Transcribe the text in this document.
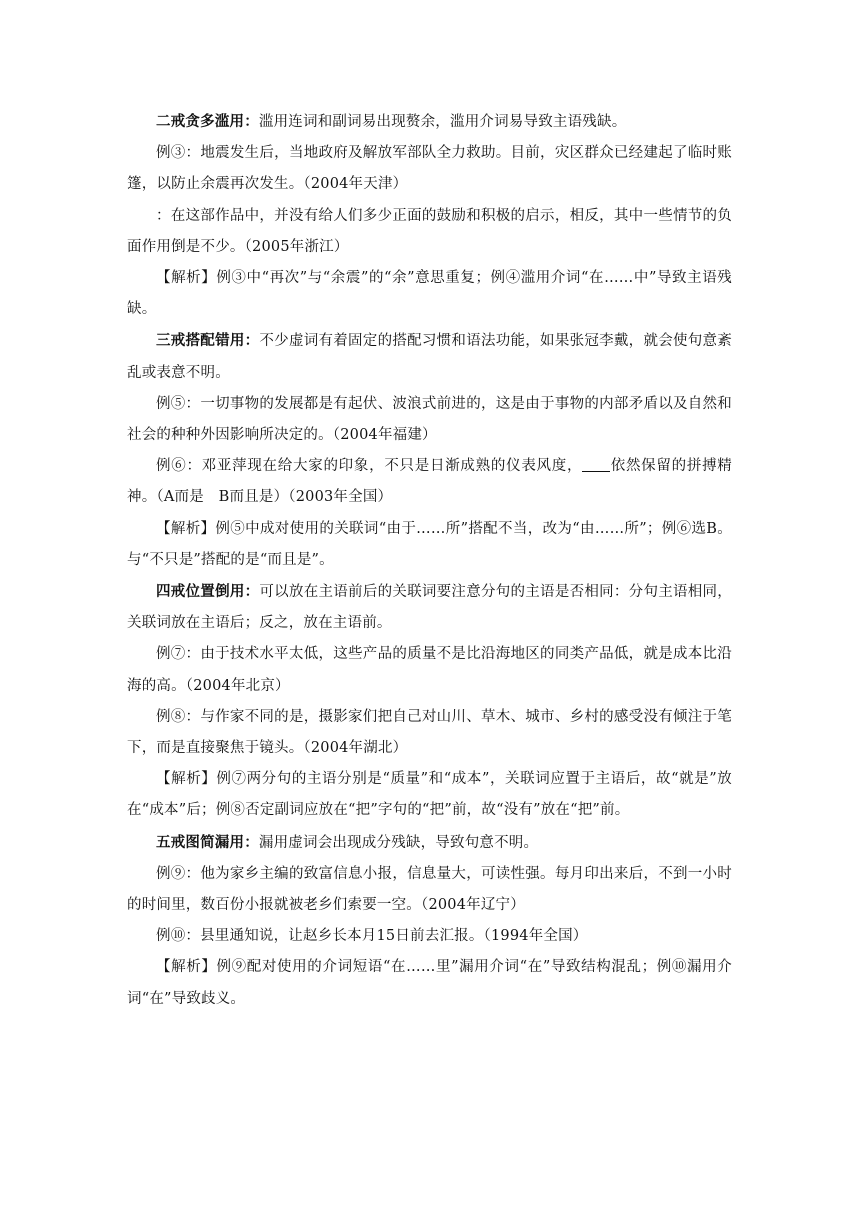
二戒贪多滥用：滥用连词和副词易出现赘余，滥用介词易导致主语残缺。

例③：地震发生后，当地政府及解放军部队全力救助。目前，灾区群众已经建起了临时账篷，以防止余震再次发生。（2004年天津）

：在这部作品中，并没有给人们多少正面的鼓励和积极的启示，相反，其中一些情节的负面作用倒是不少。（2005年浙江）

【解析】例③中“再次”与“余震”的“余”意思重复；例④滥用介词“在……中”导致主语残缺。

三戒搭配错用：不少虚词有着固定的搭配习惯和语法功能，如果张冠李戴，就会使句意紊乱或表意不明。

例⑤：一切事物的发展都是有起伏、波浪式前进的，这是由于事物的内部矛盾以及自然和社会的种种外因影响所决定的。（2004年福建）

例⑥：邓亚萍现在给大家的印象，不只是日渐成熟的仪表风度， 依然保留的拼搏精神。（A而是　B而且是）（2003年全国）

【解析】例⑤中成对使用的关联词“由于……所”搭配不当，改为“由……所”；例⑥选B。与“不只是”搭配的是“而且是”。

四戒位置倒用：可以放在主语前后的关联词要注意分句的主语是否相同：分句主语相同，关联词放在主语后；反之，放在主语前。

例⑦：由于技术水平太低，这些产品的质量不是比沿海地区的同类产品低，就是成本比沿海的高。（2004年北京）

例⑧：与作家不同的是，摄影家们把自己对山川、草木、城市、乡村的感受没有倾注于笔下，而是直接聚焦于镜头。（2004年湖北）

【解析】例⑦两分句的主语分别是“质量”和“成本”，关联词应置于主语后，故“就是”放在“成本”后；例⑧否定副词应放在“把”字句的“把”前，故“没有”放在“把”前。

五戒图简漏用：漏用虚词会出现成分残缺，导致句意不明。

例⑨：他为家乡主编的致富信息小报，信息量大，可读性强。每月印出来后，不到一小时的时间里，数百份小报就被老乡们索要一空。（2004年辽宁）

例⑩：县里通知说，让赵乡长本月15日前去汇报。（1994年全国）

【解析】例⑨配对使用的介词短语“在……里”漏用介词“在”导致结构混乱；例⑩漏用介词“在”导致歧义。
